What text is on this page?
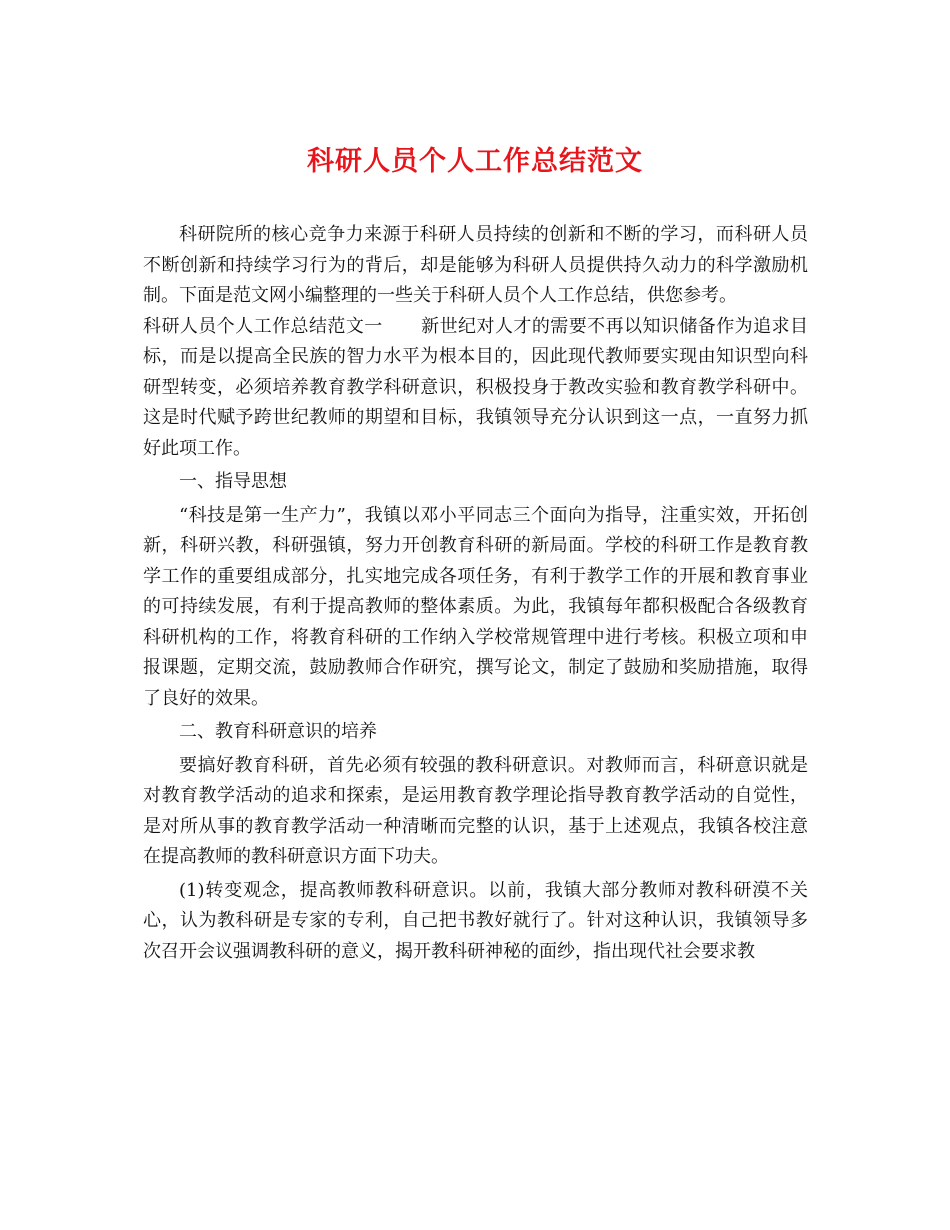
科研人员个人工作总结范文

科研院所的核心竞争力来源于科研人员持续的创新和不断的学习，而科研人员不断创新和持续学习行为的背后，却是能够为科研人员提供持久动力的科学激励机制。下面是范文网小编整理的一些关于科研人员个人工作总结，供您参考。

科研人员个人工作总结范文一 新世纪对人才的需要不再以知识储备作为追求目标，而是以提高全民族的智力水平为根本目的，因此现代教师要实现由知识型向科研型转变，必须培养教育教学科研意识，积极投身于教改实验和教育教学科研中。这是时代赋予跨世纪教师的期望和目标，我镇领导充分认识到这一点，一直努力抓好此项工作。

一、指导思想

“科技是第一生产力”，我镇以邓小平同志三个面向为指导，注重实效，开拓创新，科研兴教，科研强镇，努力开创教育科研的新局面。学校的科研工作是教育教学工作的重要组成部分，扎实地完成各项任务，有利于教学工作的开展和教育事业的可持续发展，有利于提高教师的整体素质。为此，我镇每年都积极配合各级教育科研机构的工作，将教育科研的工作纳入学校常规管理中进行考核。积极立项和申报课题，定期交流，鼓励教师合作研究，撰写论文，制定了鼓励和奖励措施，取得了良好的效果。

二、教育科研意识的培养

要搞好教育科研，首先必须有较强的教科研意识。对教师而言，科研意识就是对教育教学活动的追求和探索，是运用教育教学理论指导教育教学活动的自觉性，是对所从事的教育教学活动一种清晰而完整的认识，基于上述观点，我镇各校注意在提高教师的教科研意识方面下功夫。

(1)转变观念，提高教师教科研意识。以前，我镇大部分教师对教科研漠不关心，认为教科研是专家的专利，自己把书教好就行了。针对这种认识，我镇领导多次召开会议强调教科研的意义，揭开教科研神秘的面纱，指出现代社会要求教
